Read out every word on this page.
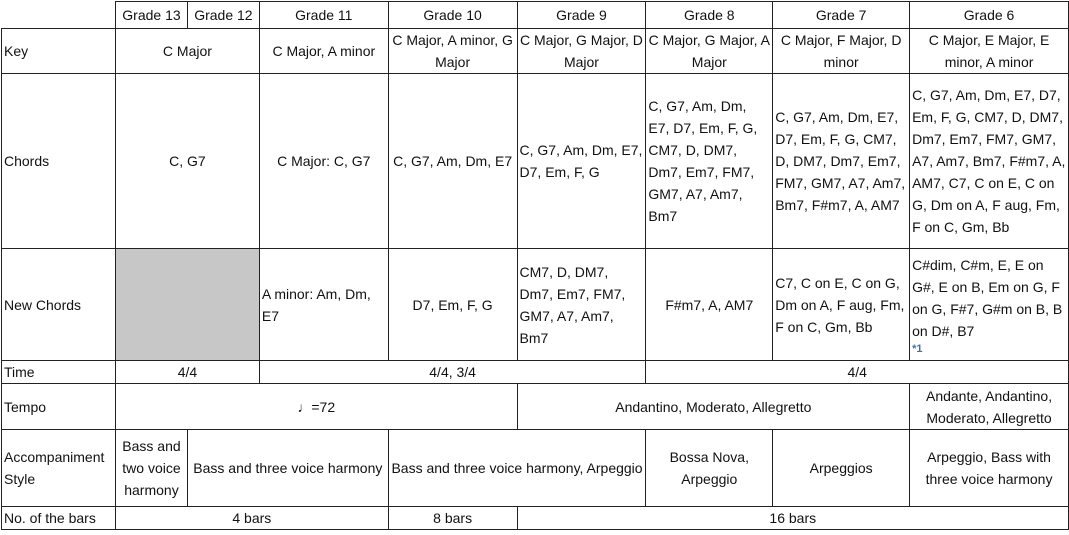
	Grade 13	Grade 12	Grade 11	Grade 10	Grade 9	Grade 8	Grade 7	Grade 6
Key	C Major		C Major, A minor	C Major, A minor, G Major	C Major, G Major, D Major	C Major, G Major, A Major	C Major, F Major, D minor	C Major, E Major, E minor, A minor
Chords	C, G7		C Major: C, G7	C, G7, Am, Dm, E7	C, G7, Am, Dm, E7, D7, Em, F, G	C, G7, Am, Dm, E7, D7, Em, F, G, CM7, D, DM7, Dm7, Em7, FM7, GM7, A7, Am7, Bm7	C, G7, Am, Dm, E7, D7, Em, F, G, CM7, D, DM7, Dm7, Em7, FM7, GM7, A7, Am7, Bm7, F#m7, A, AM7	C, G7, Am, Dm, E7, D7, Em, F, G, CM7, D, DM7, Dm7, Em7, FM7, GM7, A7, Am7, Bm7, F#m7, A, AM7, C7, C on E, C on G, Dm on A, F aug, Fm, F on C, Gm, Bb
New Chords			A minor: Am, Dm, E7	D7, Em, F, G	CM7, D, DM7, Dm7, Em7, FM7, GM7, A7, Am7, Bm7	F#m7, A, AM7	C7, C on E, C on G, Dm on A, F aug, Fm, F on C, Gm, Bb	C#dim, C#m, E, E on G#, E on B, Em on G, F on G, F#7, G#m on B, B on D#, B7
*1

Time	4/4		4/4, 3/4			4/4		
Tempo	♩=72				Andantino, Moderato, Allegretto			Andante, Andantino, Moderato, Allegretto
Accompaniment Style	Bass and two voice harmony	Bass and three voice harmony		Bass and three voice harmony, Arpeggio		Bossa Nova, Arpeggio	Arpeggios	Arpeggio, Bass with three voice harmony
No. of the bars	4 bars			8 bars	16 bars			
